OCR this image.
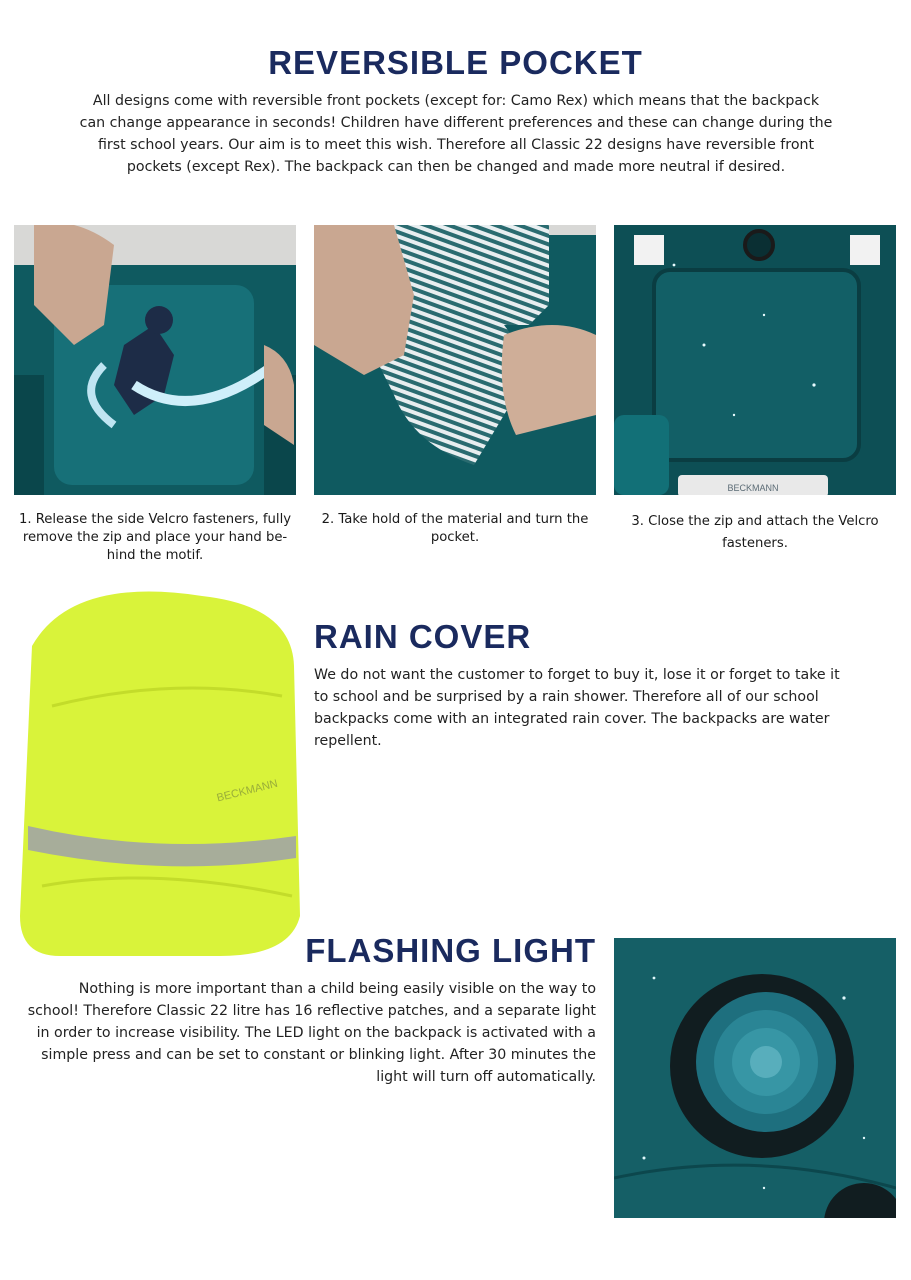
REVERSIBLE POCKET

All designs come with reversible front pockets (except for: Camo Rex) which means that the backpack can change appearance in seconds! Children have different preferences and these can change during the first school years. Our aim is to meet this wish. Therefore all Classic 22 designs have reversible front pockets (except Rex). The backpack can then be changed and made more neutral if desired.

BECKMANN
1. Release the side Velcro fasteners, fully remove the zip and place your hand be-hind the motif.
2. Take hold of the material and turn the pocket.
3. Close the zip and attach the Velcro fasteners.
BECKMANN
RAIN COVER

We do not want the customer to forget to buy it, lose it or forget to take it to school and be surprised by a rain shower. Therefore all of our school backpacks come with an integrated rain cover. The backpacks are water repellent.

FLASHING LIGHT

Nothing is more important than a child being easily visible on the way to school! Therefore Classic 22 litre has 16 reflective patches, and a separate light in order to increase visibility. The LED light on the backpack is activated with a simple press and can be set to constant or blinking light. After 30 minutes the light will turn off automatically.
